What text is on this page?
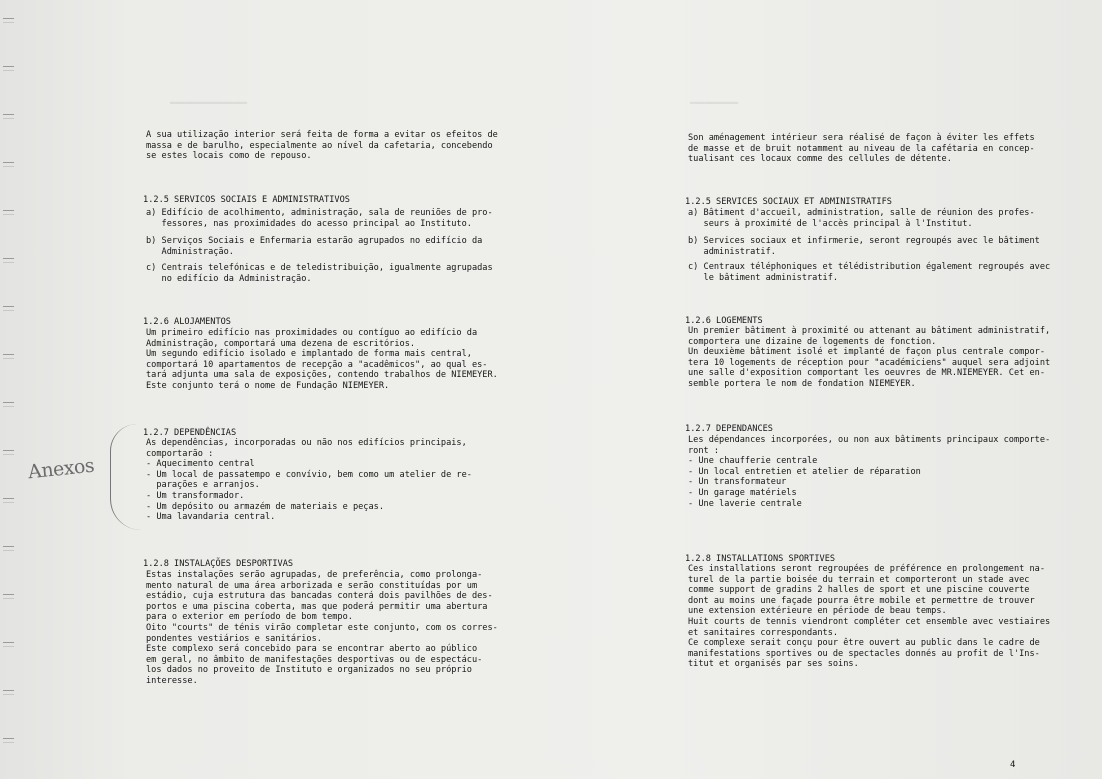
▬▬▬▬▬▬▬▬▬▬▬▬▬▬▬▬	▬▬▬▬▬▬▬▬▬▬
A sua utilização interior será feita de forma a evitar os efeitos de
massa e de barulho, especialmente ao nível da cafetaria, concebendo
se estes locais como de repouso.

1.2.5 SERVICOS SOCIAIS E ADMINISTRATIVOS

a) Edifício de acolhimento, administração, sala de reuniões de pro-
fessores, nas proximidades do acesso principal ao Instituto.
b) Serviços Sociais e Enfermaria estarão agrupados no edifício da
Administração.
c) Centrais telefónicas e de teledistribuição, igualmente agrupadas
no edifício da Administração.

1.2.6 ALOJAMENTOS

Um primeiro edifício nas proximidades ou contíguo ao edifício da
Administração, comportará uma dezena de escritórios.
Um segundo edifício isolado e implantado de forma mais central,
comportará 10 apartamentos de recepção a "acadêmicos", ao qual es-
tará adjunta uma sala de exposições, contendo trabalhos de NIEMEYER.
Este conjunto terá o nome de Fundação NIEMEYER.

1.2.7 DEPENDÊNCIAS

As dependências, incorporadas ou não nos edifícios principais,
comportarão :
- Aquecimento central
- Um local de passatempo e convívio, bem como um atelier de re-
parações e arranjos.
- Um transformador.
- Um depósito ou armazém de materiais e peças.
- Uma lavandaria central.

1.2.8 INSTALAÇÕES DESPORTIVAS

Estas instalações serão agrupadas, de preferência, como prolonga-
mento natural de uma área arborizada e serão constituídas por um
estádio, cuja estrutura das bancadas conterá dois pavilhões de des-
portos e uma piscina coberta, mas que poderá permitir uma abertura
para o exterior em período de bom tempo.
Oito "courts" de ténis virão completar este conjunto, com os corres-
pondentes vestiários e sanitários.
Este complexo será concebido para se encontrar aberto ao público
em geral, no âmbito de manifestações desportivas ou de espectácu-
los dados no proveito de Instituto e organizados no seu próprio
interesse.
Son aménagement intérieur sera réalisé de façon à éviter les effets
de masse et de bruit notamment au niveau de la cafétaria en concep-
tualisant ces locaux comme des cellules de détente.

1.2.5 SERVICES SOCIAUX ET ADMINISTRATIFS

a) Bâtiment d'accueil, administration, salle de réunion des profes-
seurs à proximité de l'accès principal à l'Institut.
b) Services sociaux et infirmerie, seront regroupés avec le bâtiment
administratif.
c) Centraux téléphoniques et télédistribution également regroupés avec
le bâtiment administratif.

1.2.6 LOGEMENTS

Un premier bâtiment à proximité ou attenant au bâtiment administratif,
comportera une dizaine de logements de fonction.
Un deuxième bâtiment isolé et implanté de façon plus centrale compor-
tera 10 logements de réception pour "académiciens" auquel sera adjoint
une salle d'exposition comportant les oeuvres de MR.NIEMEYER. Cet en-
semble portera le nom de fondation NIEMEYER.

1.2.7 DEPENDANCES

Les dépendances incorporées, ou non aux bâtiments principaux comporte-
ront :
- Une chaufferie centrale
- Un local entretien et atelier de réparation
- Un transformateur
- Un garage matériels
- Une laverie centrale

1.2.8 INSTALLATIONS SPORTIVES

Ces installations seront regroupées de préférence en prolongement na-
turel de la partie boisée du terrain et comporteront un stade avec
comme support de gradins 2 halles de sport et une piscine couverte
dont au moins une façade pourra être mobile et permettre de trouver
une extension extérieure en période de beau temps.
Huit courts de tennis viendront compléter cet ensemble avec vestiaires
et sanitaires correspondants.
Ce complexe serait conçu pour être ouvert au public dans le cadre de
manifestations sportives ou de spectacles donnés au profit de l'Ins-
titut et organisés par ses soins.
Anexos
4
